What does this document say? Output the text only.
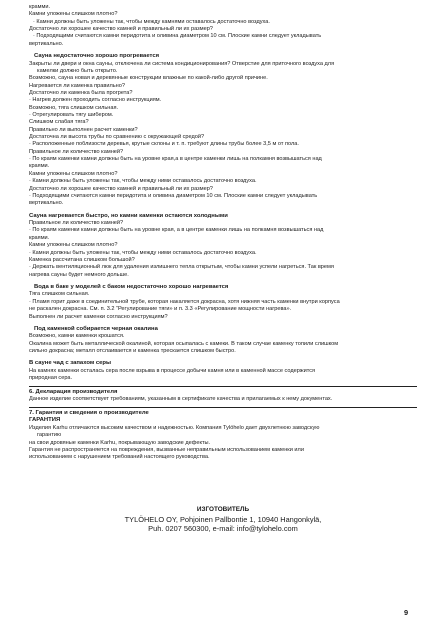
крамми.
Камни уложены слишком плотно?
· Камни должны быть уложены так, чтобы между камнями оставалось достаточно воздуха.
Достаточно ли хорошее качество камней и правильный ли их размер?
· Подходящими считаются камни перидотита и оливина диаметром 10 см. Плоские камни следует укладывать
вертикально.
Сауна недостаточно хорошо прогревается
Закрыты ли двери и окна сауны, отключена ли система кондиционирования? Отверстие для приточного воздуха для
камелки должно быть открыто.
Возможно, сауна новая и деревянные конструкции влажные по какой-либо другой причине.
Нагревается ли каменка правильно?
Достаточно ли каменка была прогрета?
· Нагрев должен проходить согласно инструкциям.
Возможно, тяга слишком сильная.
· Отрегулировать тягу шибером.
Слишком слабая тяга?
Правильно ли выполнен расчет каменки?
Достаточна ли высота трубы по сравнению с окружающей средой?
· Расположенные поблизости деревья, крутые склоны и т. п. требуют длины трубы более 3,5 м от пола.
Правильное ли количество камней?
· По краям каменки камни должны быть на уровне края,а в центре каменки лишь на полкамня возвышаться над
краями.
Камни уложены слишком плотно?
· Камни должны быть уложены так, чтобы между ними оставалось достаточно воздуха.
Достаточно ли хорошее качество камней и правильный ли их размер?
· Подходящими считаются камни перидотита и оливина диаметром 10 см. Плоские камни следует укладывать
вертикально.
Сауна нагревается быстро, но камни каменки остаются холодными
Правильное ли количество камней?
· По краям каменки камни должны быть на уровне края, а в центре каменки лишь на полкамня возвышаться над
краями.
Камни уложены слишком плотно?
· Камни должны быть уложены так, чтобы между ними оставалось достаточно воздуха.
Каменка рассчитана слишком большой?
· Держать вентиляционный люк для удаления излишнего тепла открытым, чтобы камни успели нагреться. Так время
нагрева сауны будет немного дольше.
Вода в баке у моделей с баком недостаточно хорошо нагревается
Тяга слишком сильная.
· Пламя горит даже в соединительной трубе, которая накаляется докрасна, хотя нижняя часть каменки внутри корпуса
не раскален докрасна. См. п. 3.2 “Регулирование тяги» и п. 3.3 «Регулирование мощности нагрева».
Выполнен ли расчет каменки согласно инструкциям?
Под каменкой собирается черная окалина
Возможно, камни каменки крошатся.
Окалина может быть металлической окалиной, которая осыпалась с камеки. В таком случае каменку топили слишком
сильно докрасна; металл отслаивается и каменка трескается слишком быстро.
В сауне чад с запахом серы
На камнях каменки осталась сера после взрыва в процессе добычи камня или в каменной массе содержится
природная сера.
6. Декларация производителя
Данное изделие соответствует требованиям, указанным в сертификате качества и прилагаемых к нему документах.
7. Гарантия и сведения о производителе
ГАРАНТИЯ
Изделия Karhu отличаются высоким качеством и надежностью. Компания Tylöhelo дает двухлетнюю заводскую
гарантию
на свои дровяные каменки Karhu, покрывающую заводские дефекты.
Гарантия не распространяется на повреждения, вызванные неправильным использованием каменки или
использованием с нарушением требований настоящего руководства.
ИЗГОТОВИТЕЛЬ
TYLÖHELO OY, Pohjoinen Pallbontie 1, 10940 Hangonkylä,
Puh. 0207 560300, e-mail: info@tylohelo.com
9
